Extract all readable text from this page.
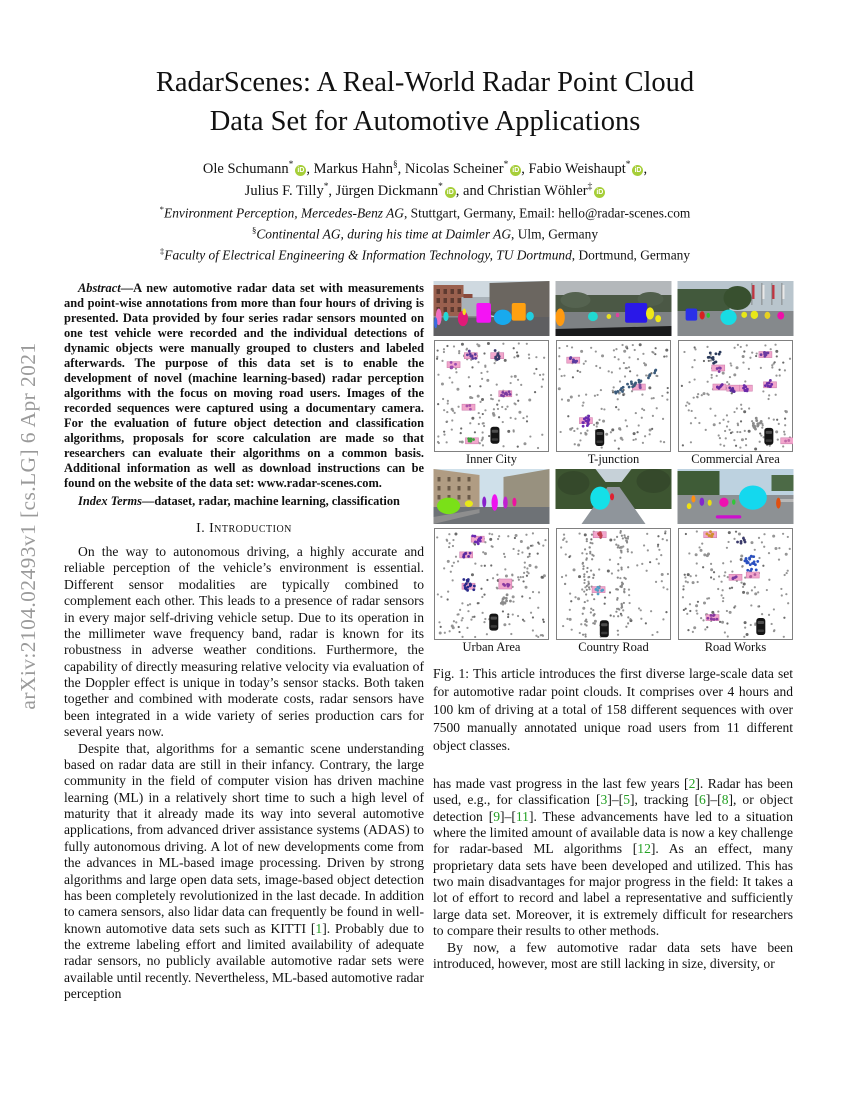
arXiv:2104.02493v1 [cs.LG] 6 Apr 2021
RadarScenes: A Real-World Radar Point Cloud
Data Set for Automotive Applications
Ole Schumann*iD , Markus Hahn§, Nicolas Scheiner*iD , Fabio Weishaupt*iD ,
Julius F. Tilly*, Jürgen Dickmann*iD , and Christian Wöhler‡iD
*Environment Perception, Mercedes-Benz AG, Stuttgart, Germany, Email: hello@radar-scenes.com
§Continental AG, during his time at Daimler AG, Ulm, Germany
‡Faculty of Electrical Engineering & Information Technology, TU Dortmund, Dortmund, Germany

Abstract—A new automotive radar data set with measurements and point-wise annotations from more than four hours of driving is presented. Data provided by four series radar sensors mounted on one test vehicle were recorded and the individual detections of dynamic objects were manually grouped to clusters and labeled afterwards. The purpose of this data set is to enable the development of novel (machine learning-based) radar perception algorithms with the focus on moving road users. Images of the recorded sequences were captured using a documentary camera. For the evaluation of future object detection and classification algorithms, proposals for score calculation are made so that researchers can evaluate their algorithms on a common basis. Additional information as well as download instructions can be found on the website of the data set: www.radar-scenes.com.

Index Terms—dataset, radar, machine learning, classification

I. Introduction

On the way to autonomous driving, a highly accurate and reliable perception of the vehicle’s environment is essential. Different sensor modalities are typically combined to complement each other. This leads to a presence of radar sensors in every major self-driving vehicle setup. Due to its operation in the millimeter wave frequency band, radar is known for its robustness in adverse weather conditions. Furthermore, the capability of directly measuring relative velocity via evaluation of the Doppler effect is unique in today’s sensor stacks. Both taken together and combined with moderate costs, radar sensors have been integrated in a wide variety of series production cars for several years now.

Despite that, algorithms for a semantic scene understanding based on radar data are still in their infancy. Contrary, the large community in the field of computer vision has driven machine learning (ML) in a relatively short time to such a high level of maturity that it already made its way into several automotive applications, from advanced driver assistance systems (ADAS) to fully autonomous driving. A lot of new developments come from the advances in ML-based image processing. Driven by strong algorithms and large open data sets, image-based object detection has been completely revolutionized in the last decade. In addition to camera sensors, also lidar data can frequently be found in well-known automotive data sets such as KITTI [1]. Probably due to the extreme labeling effort and limited availability of adequate radar sensors, no publicly available automotive radar sets were available until recently. Nevertheless, ML-based automotive radar perception

Inner City	T-junction	Commercial Area
Urban Area	Country Road	Road Works
Fig. 1: This article introduces the first diverse large-scale data set for automotive radar point clouds. It comprises over 4 hours and 100 km of driving at a total of 158 different sequences with over 7500 manually annotated unique road users from 11 different object classes.

has made vast progress in the last few years [2]. Radar has been used, e.g., for classification [3]–[5], tracking [6]–[8], or object detection [9]–[11]. These advancements have led to a situation where the limited amount of available data is now a key challenge for radar-based ML algorithms [12]. As an effect, many proprietary data sets have been developed and utilized. This has two main disadvantages for major progress in the field: It takes a lot of effort to record and label a representative and sufficiently large data set. Moreover, it is extremely difficult for researchers to compare their results to other methods.

By now, a few automotive radar data sets have been introduced, however, most are still lacking in size, diversity, or
